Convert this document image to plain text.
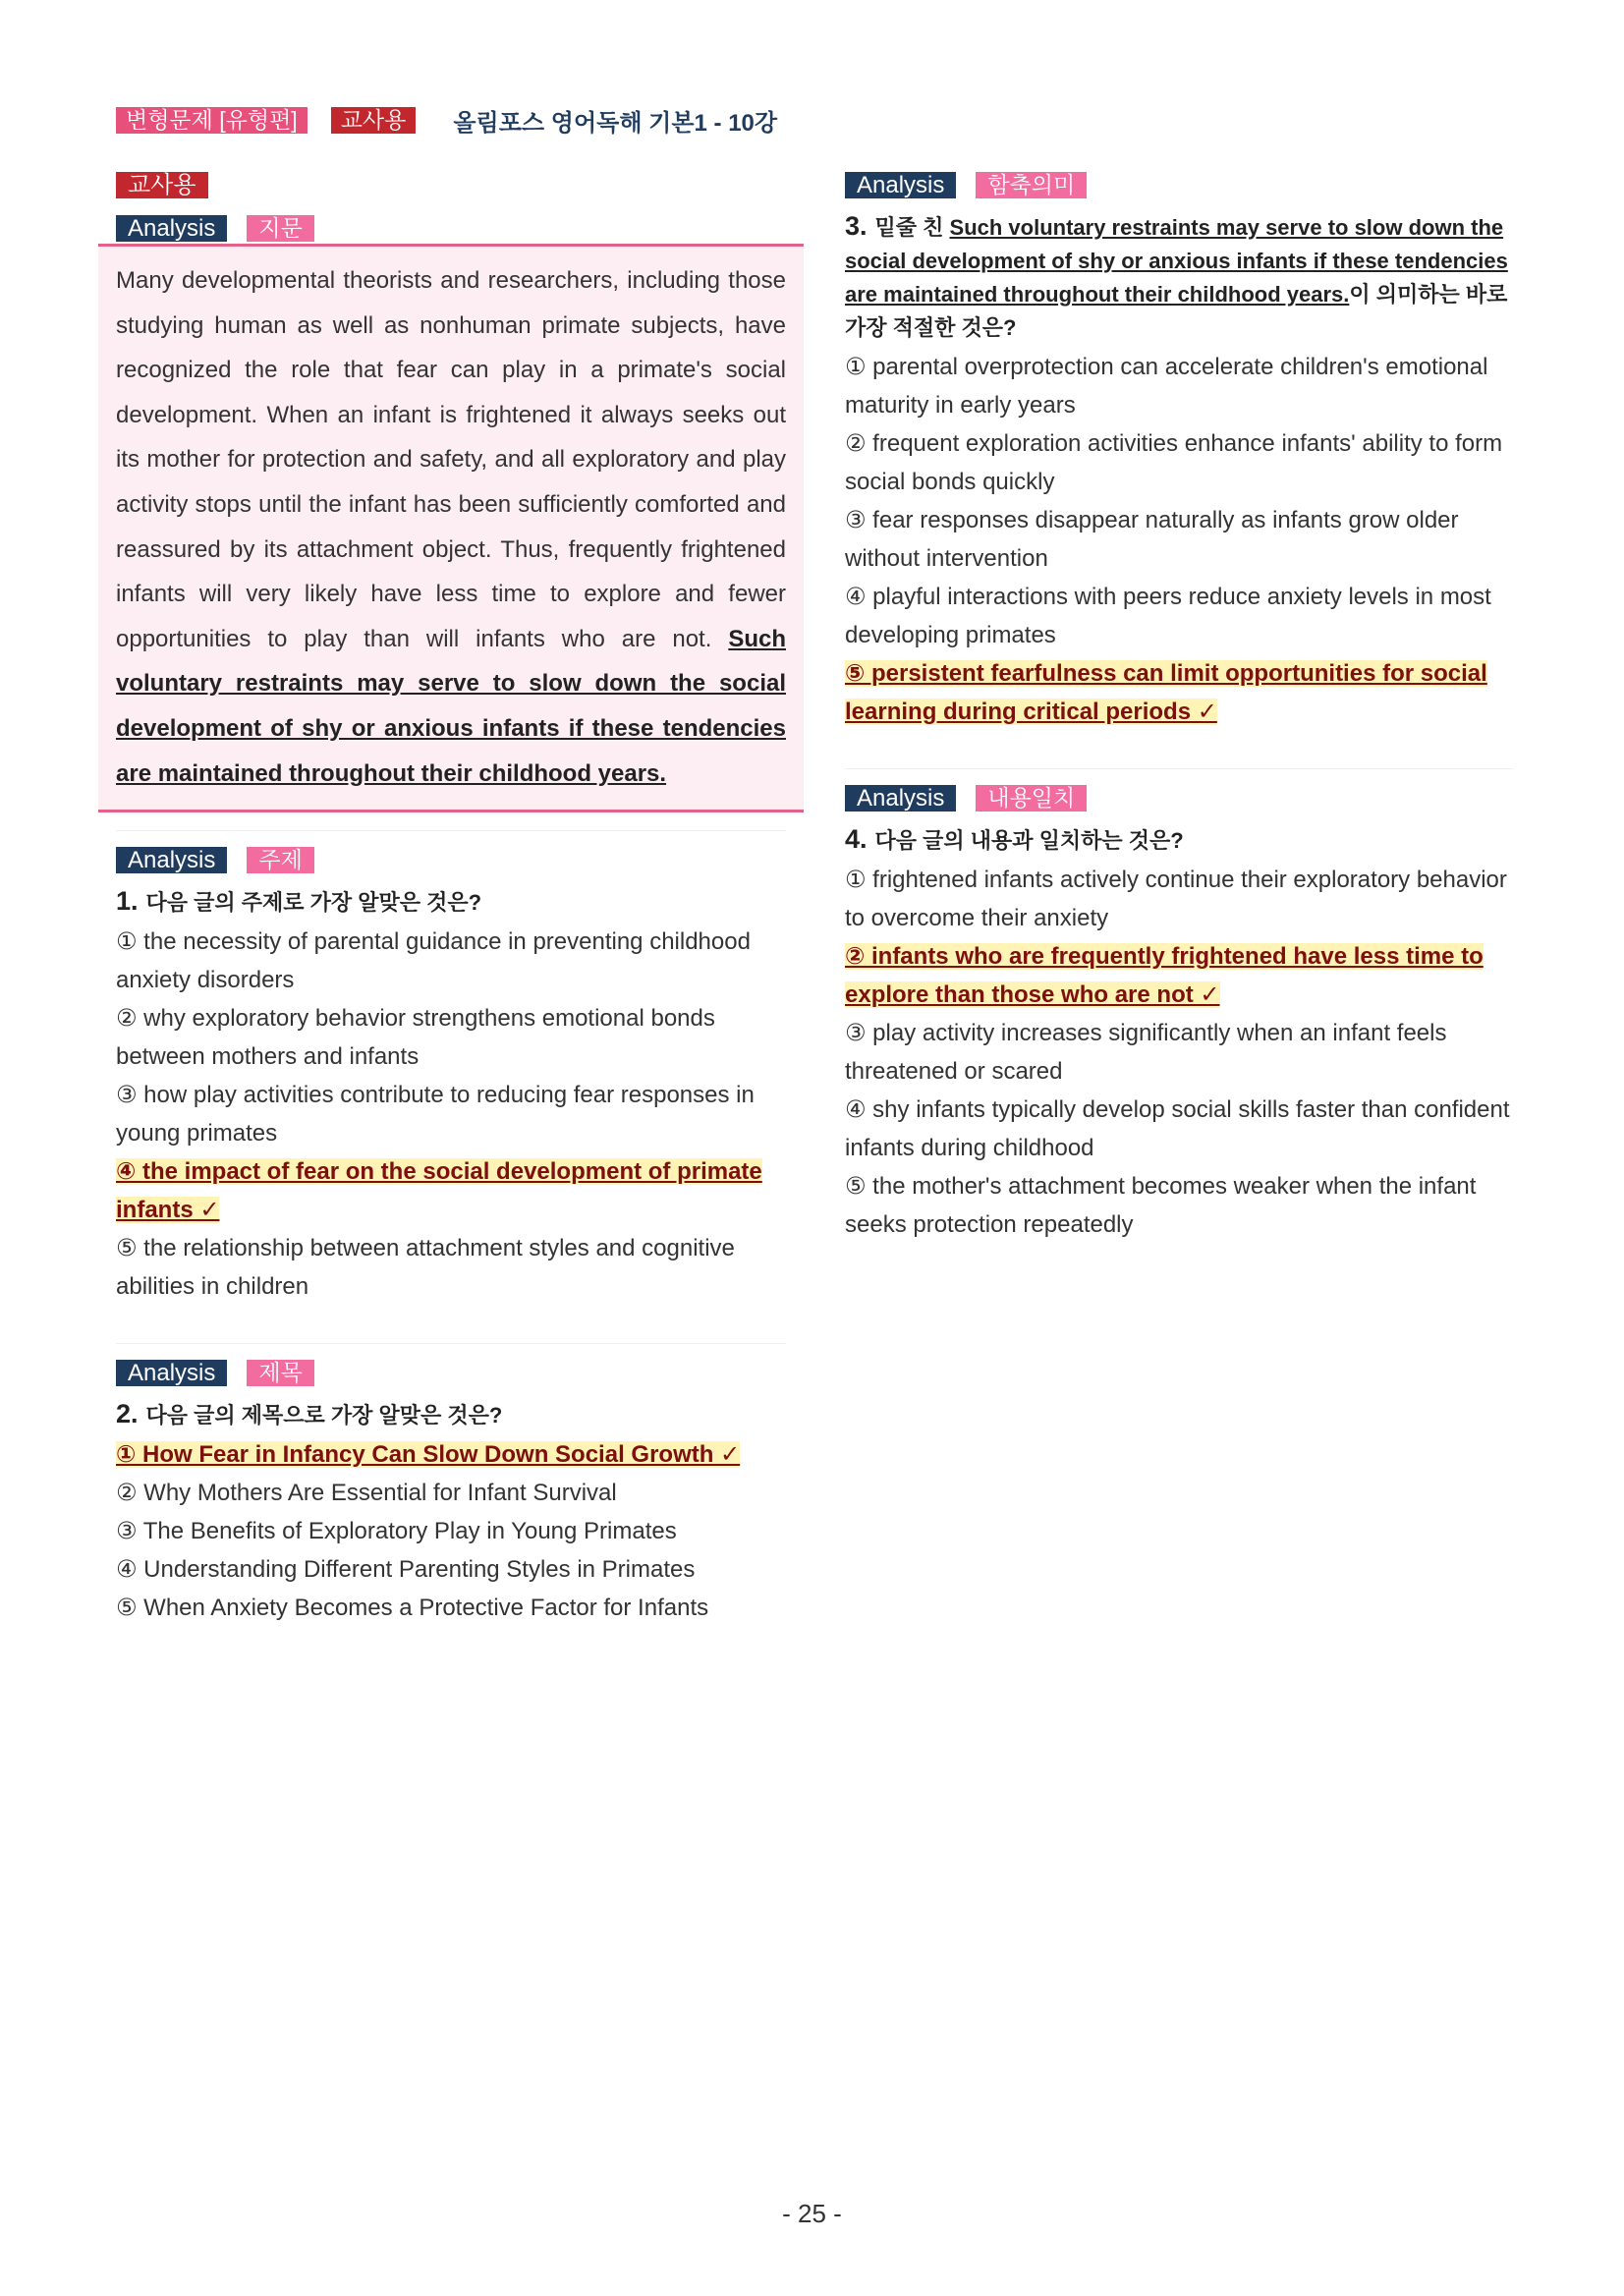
변형문제 [유형편]	교사용	올림포스 영어독해 기본1 - 10강
교사용
Analysis	지문

Many developmental theorists and researchers, including those studying human as well as nonhuman primate subjects, have recognized the role that fear can play in a primate's social development. When an infant is frightened it always seeks out its mother for protection and safety, and all exploratory and play activity stops until the infant has been sufficiently comforted and reassured by its attachment object. Thus, frequently frightened infants will very likely have less time to explore and fewer opportunities to play than will infants who are not. Such voluntary restraints may serve to slow down the social development of shy or anxious infants if these tendencies are maintained throughout their childhood years.

Analysis	주제
1. 다음 글의 주제로 가장 알맞은 것은?
① the necessity of parental guidance in preventing childhood anxiety disorders
② why exploratory behavior strengthens emotional bonds between mothers and infants
③ how play activities contribute to reducing fear responses in young primates
④ the impact of fear on the social development of primate infants ✓
⑤ the relationship between attachment styles and cognitive abilities in children
Analysis	제목
2. 다음 글의 제목으로 가장 알맞은 것은?
① How Fear in Infancy Can Slow Down Social Growth ✓
② Why Mothers Are Essential for Infant Survival
③ The Benefits of Exploratory Play in Young Primates
④ Understanding Different Parenting Styles in Primates
⑤ When Anxiety Becomes a Protective Factor for Infants
Analysis	함축의미
3. 밑줄 친 Such voluntary restraints may serve to slow down the social development of shy or anxious infants if these tendencies are maintained throughout their childhood years.이 의미하는 바로 가장 적절한 것은?
① parental overprotection can accelerate children's emotional maturity in early years
② frequent exploration activities enhance infants' ability to form social bonds quickly
③ fear responses disappear naturally as infants grow older without intervention
④ playful interactions with peers reduce anxiety levels in most developing primates
⑤ persistent fearfulness can limit opportunities for social learning during critical periods ✓
Analysis	내용일치
4. 다음 글의 내용과 일치하는 것은?
① frightened infants actively continue their exploratory behavior to overcome their anxiety
② infants who are frequently frightened have less time to explore than those who are not ✓
③ play activity increases significantly when an infant feels threatened or scared
④ shy infants typically develop social skills faster than confident infants during childhood
⑤ the mother's attachment becomes weaker when the infant seeks protection repeatedly
- 25 -
